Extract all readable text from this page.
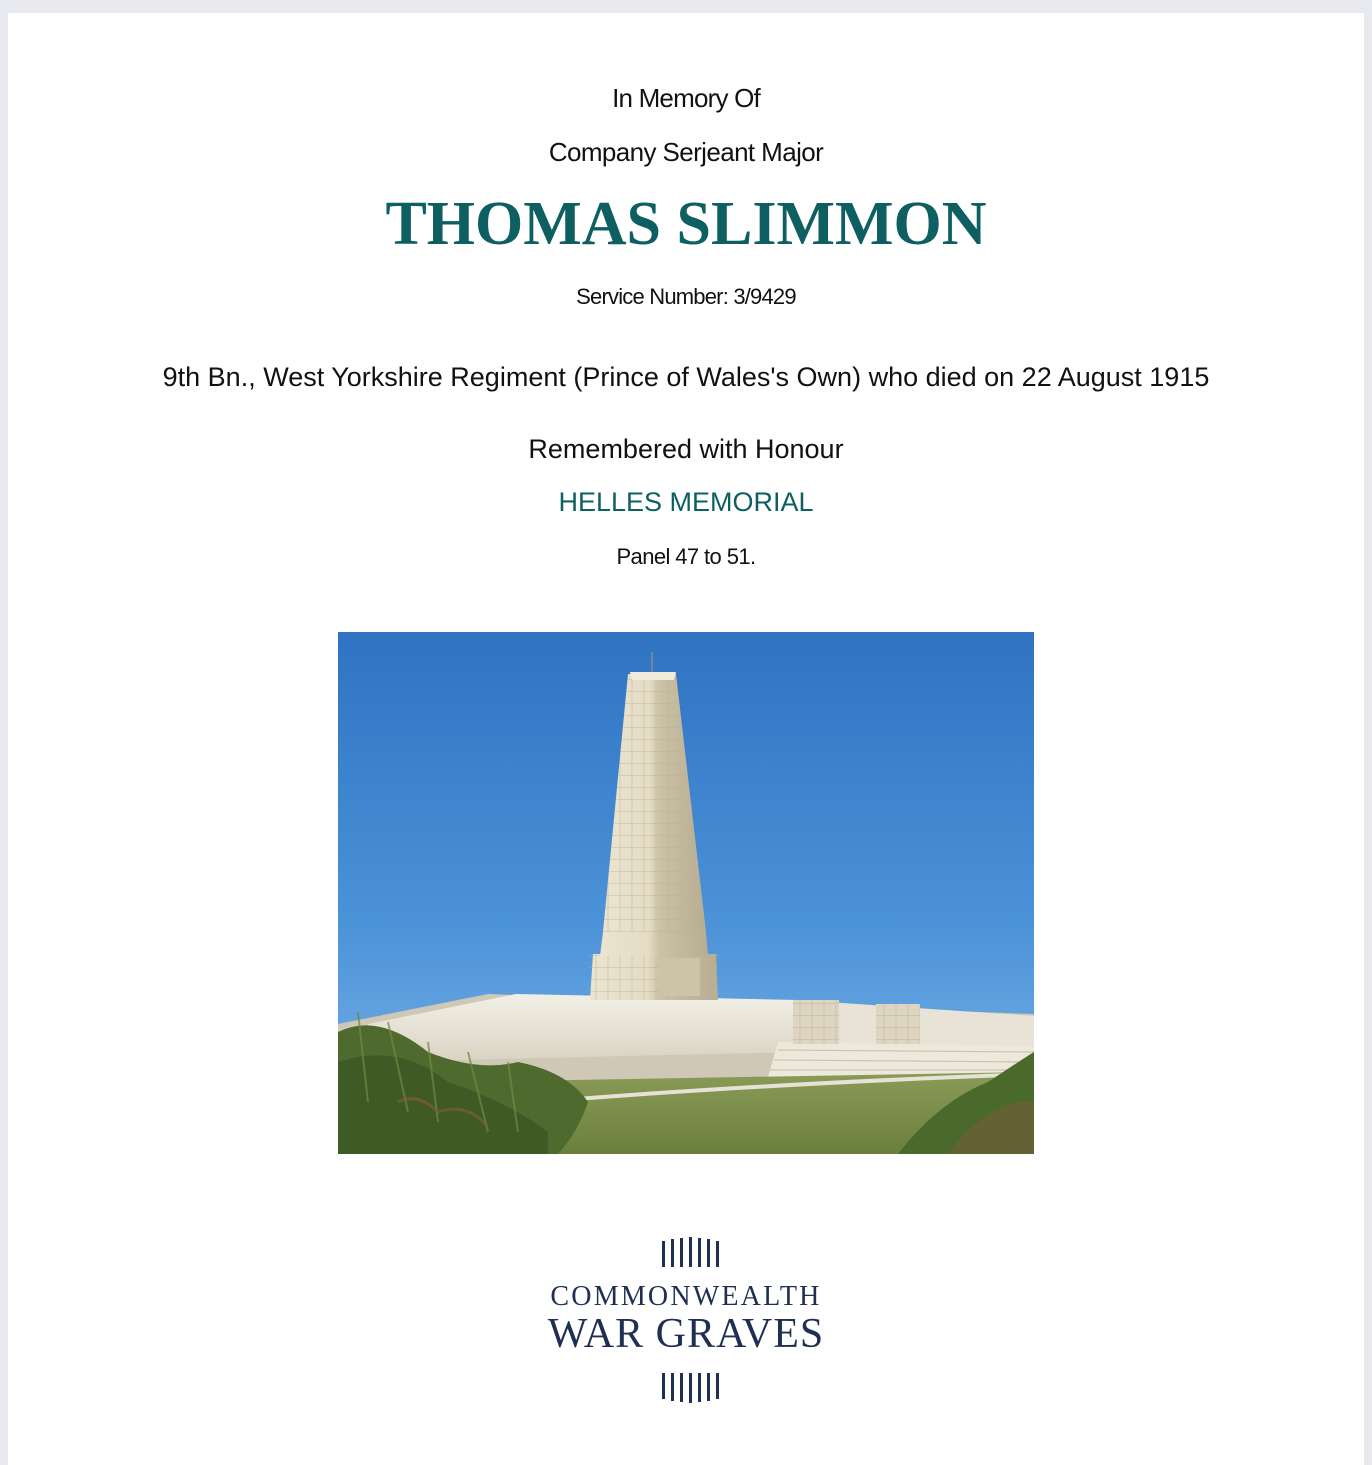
In Memory Of
Company Serjeant Major
THOMAS SLIMMON
Service Number: 3/9429
9th Bn., West Yorkshire Regiment (Prince of Wales's Own) who died on 22 August 1915
Remembered with Honour
HELLES MEMORIAL
Panel 47 to 51.
COMMONWEALTH
WAR GRAVES
